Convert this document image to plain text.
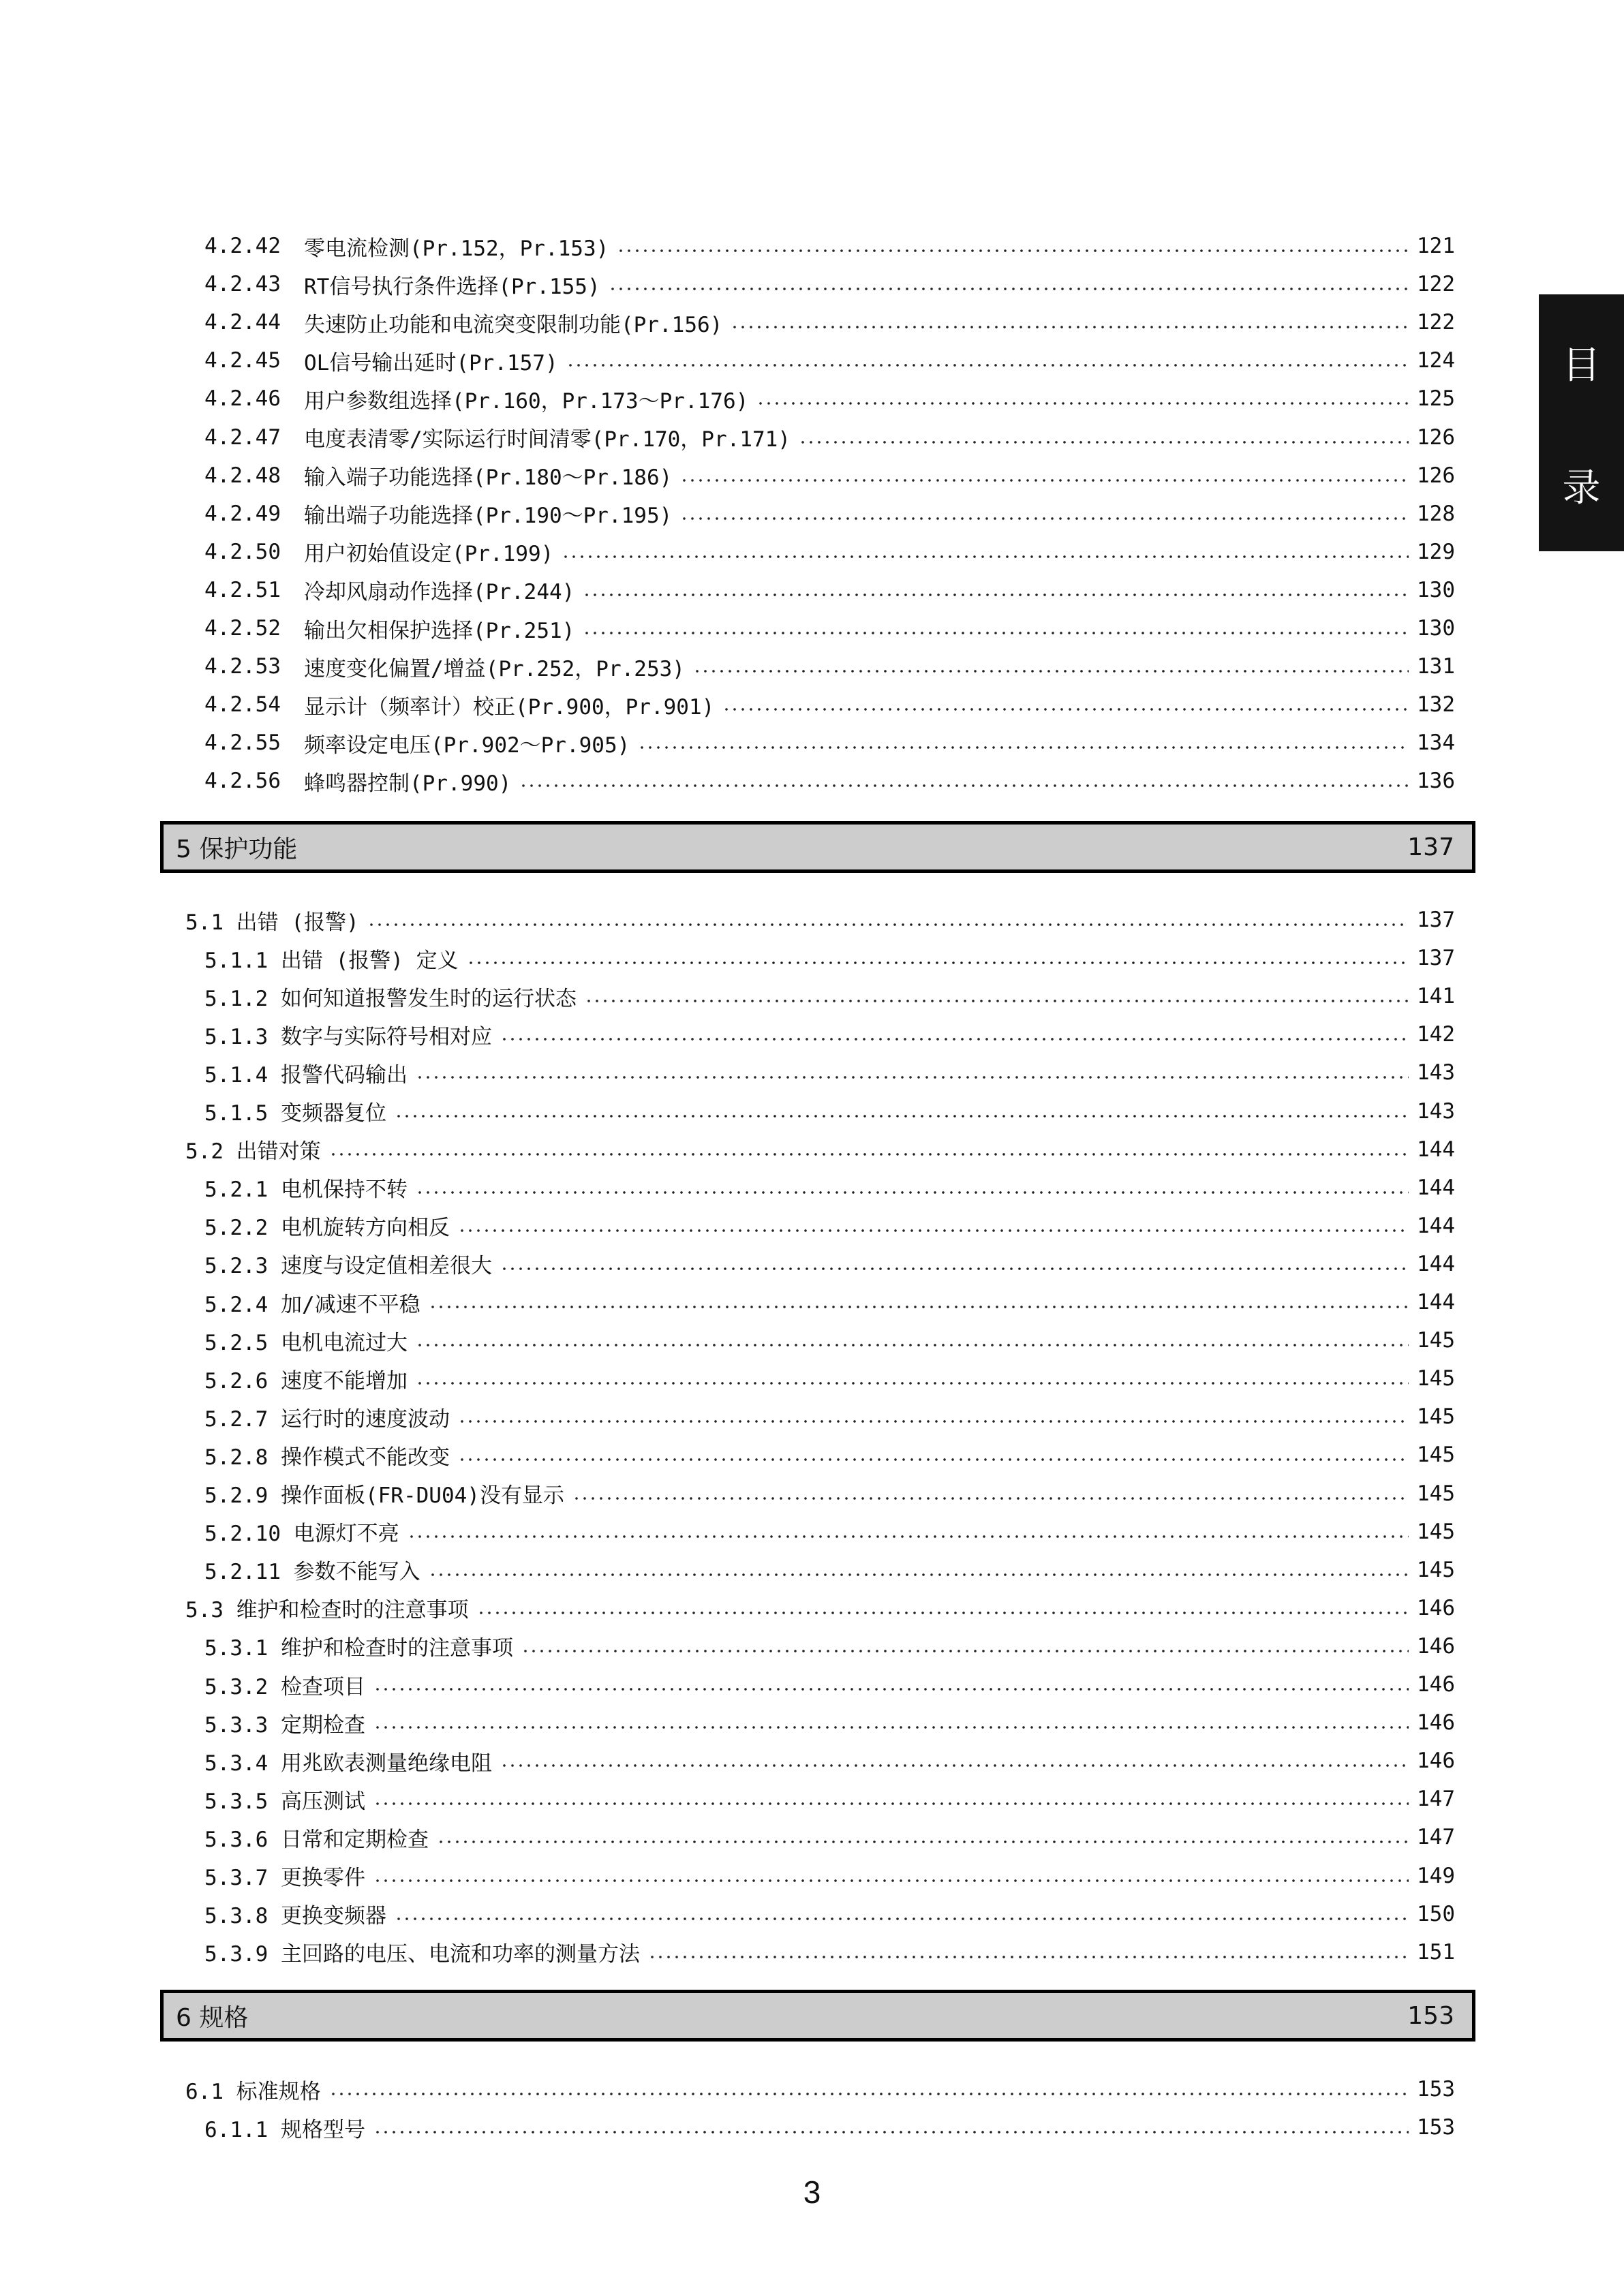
目
录
4.2.42	零电流检测(Pr.152，Pr.153)	121
4.2.43	RT信号执行条件选择(Pr.155)	122
4.2.44	失速防止功能和电流突变限制功能(Pr.156)	122
4.2.45	OL信号输出延时(Pr.157)	124
4.2.46	用户参数组选择(Pr.160，Pr.173～Pr.176)	125
4.2.47	电度表清零/实际运行时间清零(Pr.170，Pr.171)	126
4.2.48	输入端子功能选择(Pr.180～Pr.186)	126
4.2.49	输出端子功能选择(Pr.190～Pr.195)	128
4.2.50	用户初始值设定(Pr.199)	129
4.2.51	冷却风扇动作选择(Pr.244)	130
4.2.52	输出欠相保护选择(Pr.251)	130
4.2.53	速度变化偏置/增益(Pr.252，Pr.253)	131
4.2.54	显示计（频率计）校正(Pr.900，Pr.901)	132
4.2.55	频率设定电压(Pr.902～Pr.905)	134
4.2.56	蜂鸣器控制(Pr.990)	136
5 保护功能	137
5.1 出错 (报警)	137
5.1.1 出错 (报警) 定义	137
5.1.2 如何知道报警发生时的运行状态	141
5.1.3 数字与实际符号相对应	142
5.1.4 报警代码输出	143
5.1.5 变频器复位	143
5.2 出错对策	144
5.2.1 电机保持不转	144
5.2.2 电机旋转方向相反	144
5.2.3 速度与设定值相差很大	144
5.2.4 加/减速不平稳	144
5.2.5 电机电流过大	145
5.2.6 速度不能增加	145
5.2.7 运行时的速度波动	145
5.2.8 操作模式不能改变	145
5.2.9 操作面板(FR-DU04)没有显示	145
5.2.10 电源灯不亮	145
5.2.11 参数不能写入	145
5.3 维护和检查时的注意事项	146
5.3.1 维护和检查时的注意事项	146
5.3.2 检查项目	146
5.3.3 定期检查	146
5.3.4 用兆欧表测量绝缘电阻	146
5.3.5 高压测试	147
5.3.6 日常和定期检查	147
5.3.7 更换零件	149
5.3.8 更换变频器	150
5.3.9 主回路的电压、电流和功率的测量方法	151
6 规格	153
6.1 标准规格	153
6.1.1 规格型号	153
3
